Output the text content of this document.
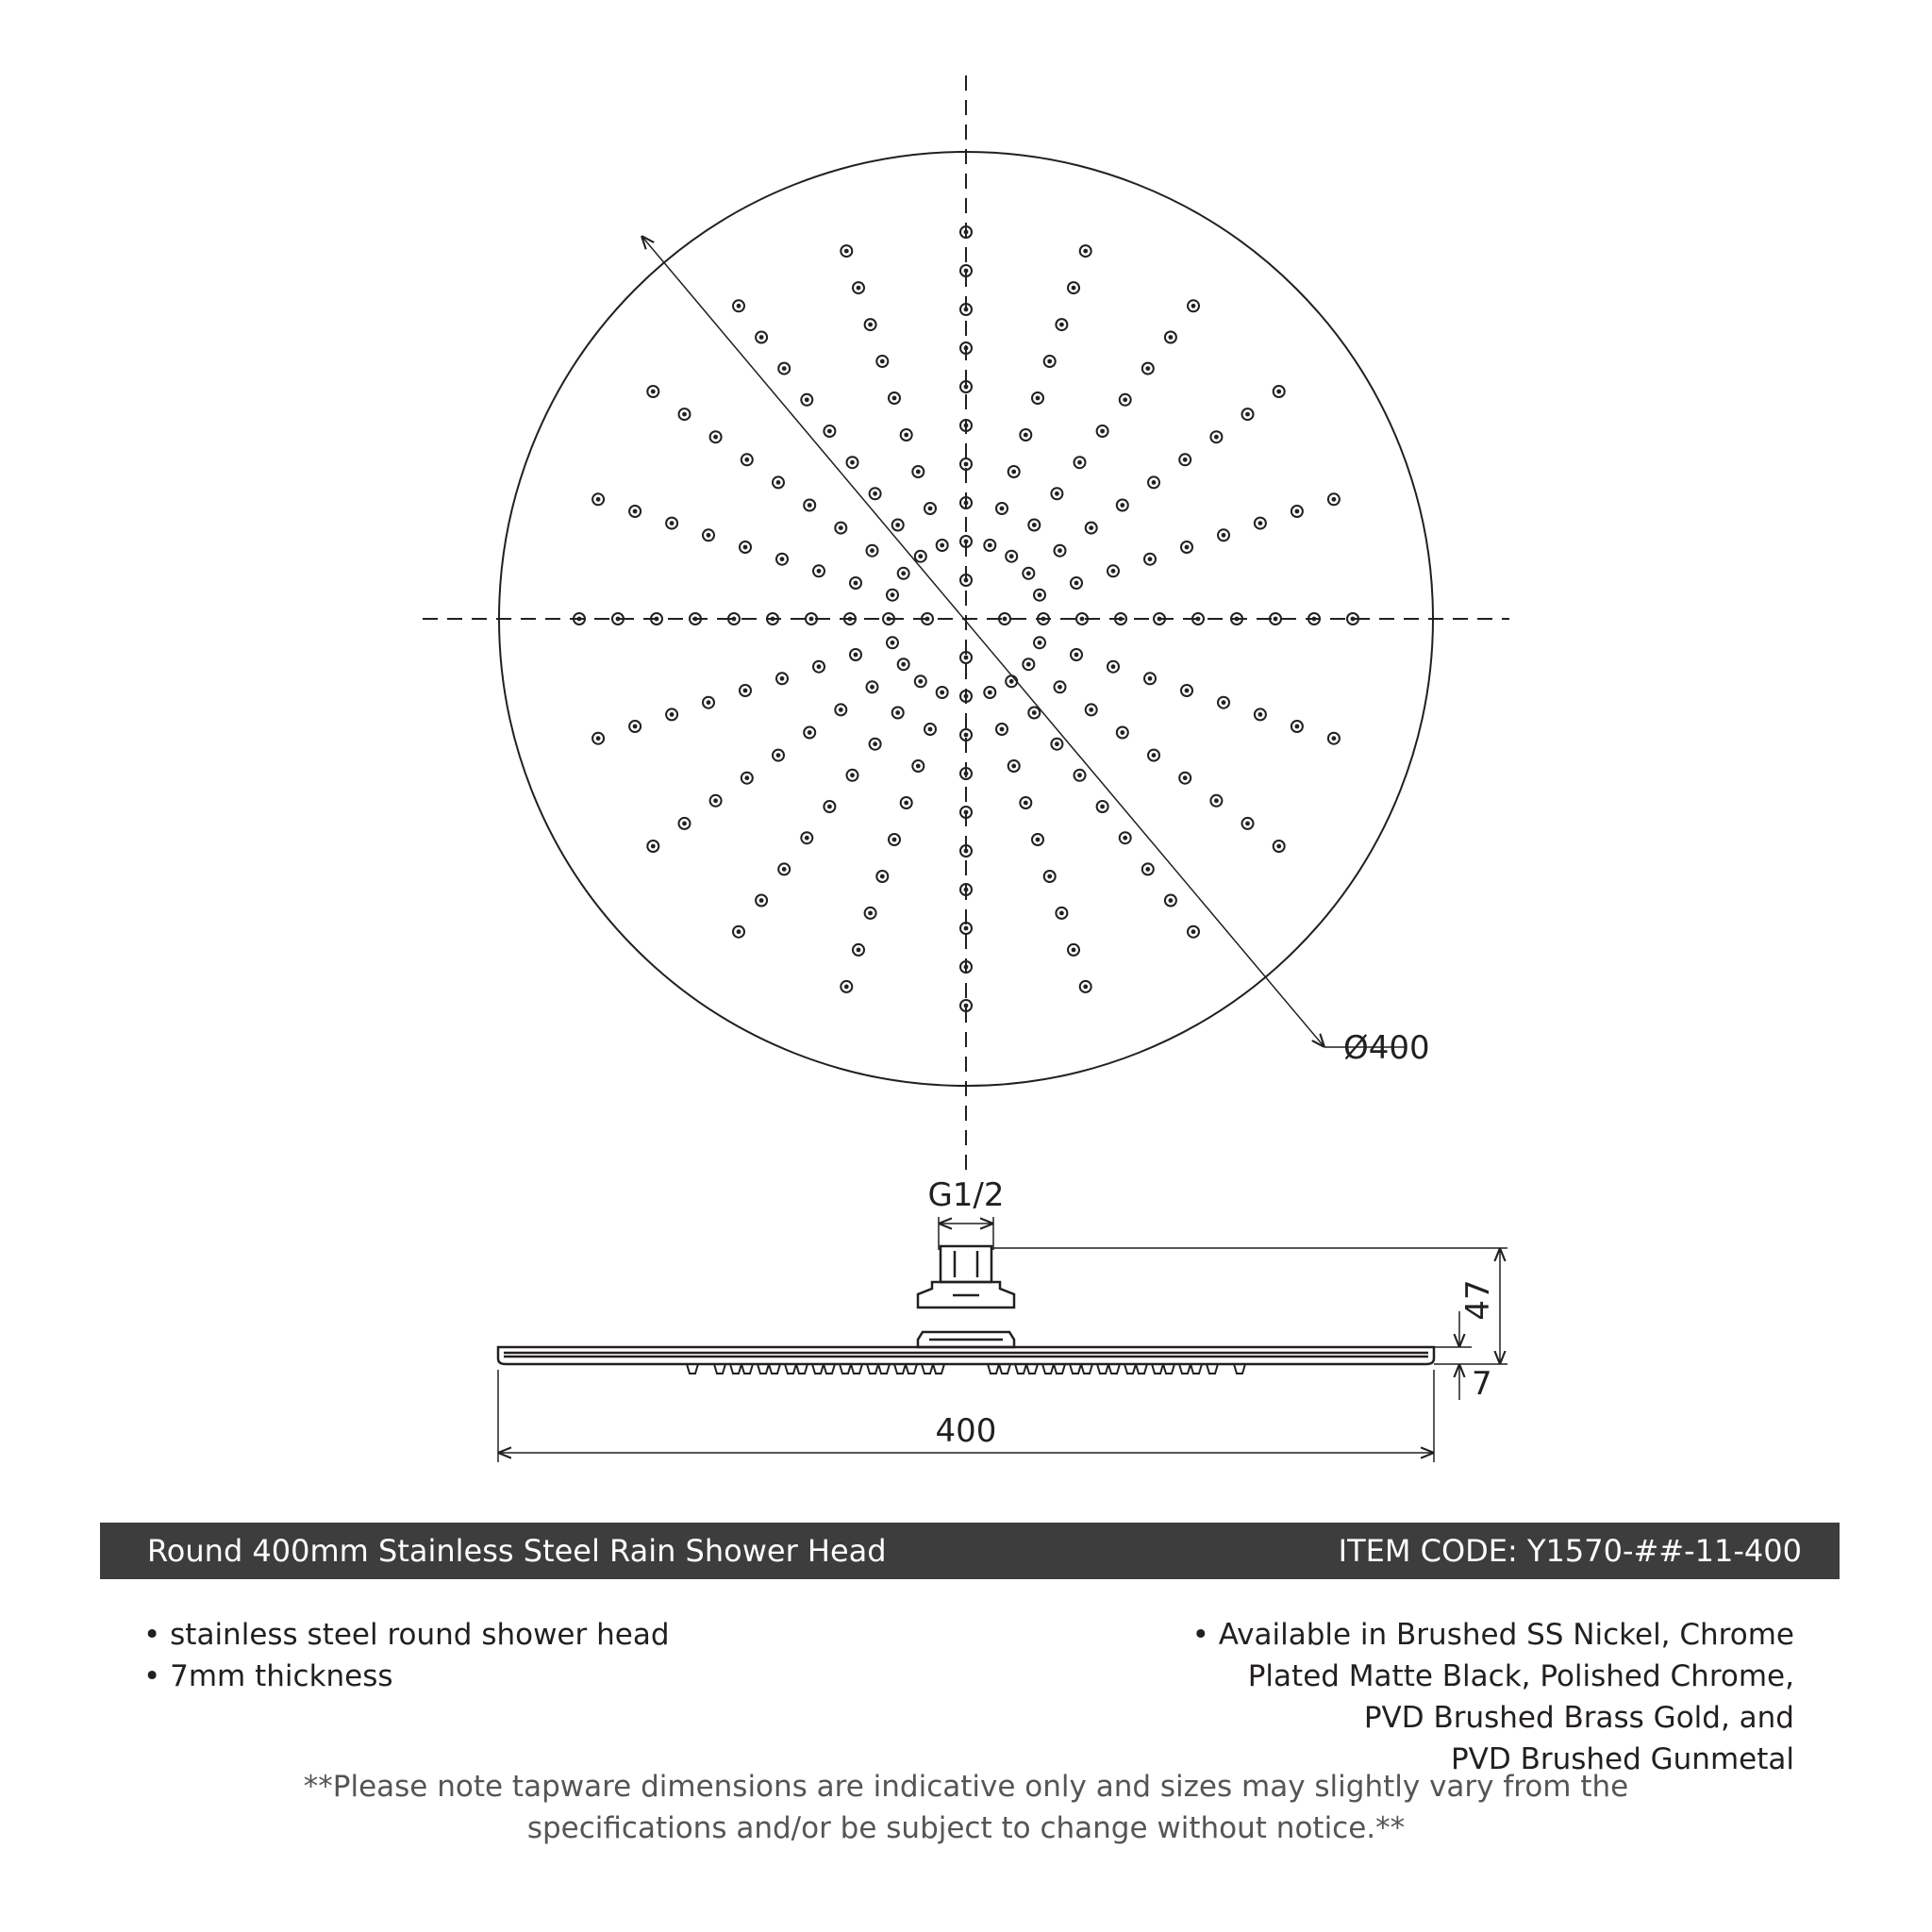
Ø400
G1/2
47
7
400
Round 400mm Stainless Steel Rain Shower Head	ITEM CODE: Y1570-##-11-400
• stainless steel round shower head
• 7mm thickness
• Available in Brushed SS Nickel, Chrome
Plated Matte Black, Polished Chrome,
PVD Brushed Brass Gold, and
PVD Brushed Gunmetal
**Please note tapware dimensions are indicative only and sizes may slightly vary from the
specifications and/or be subject to change without notice.**
